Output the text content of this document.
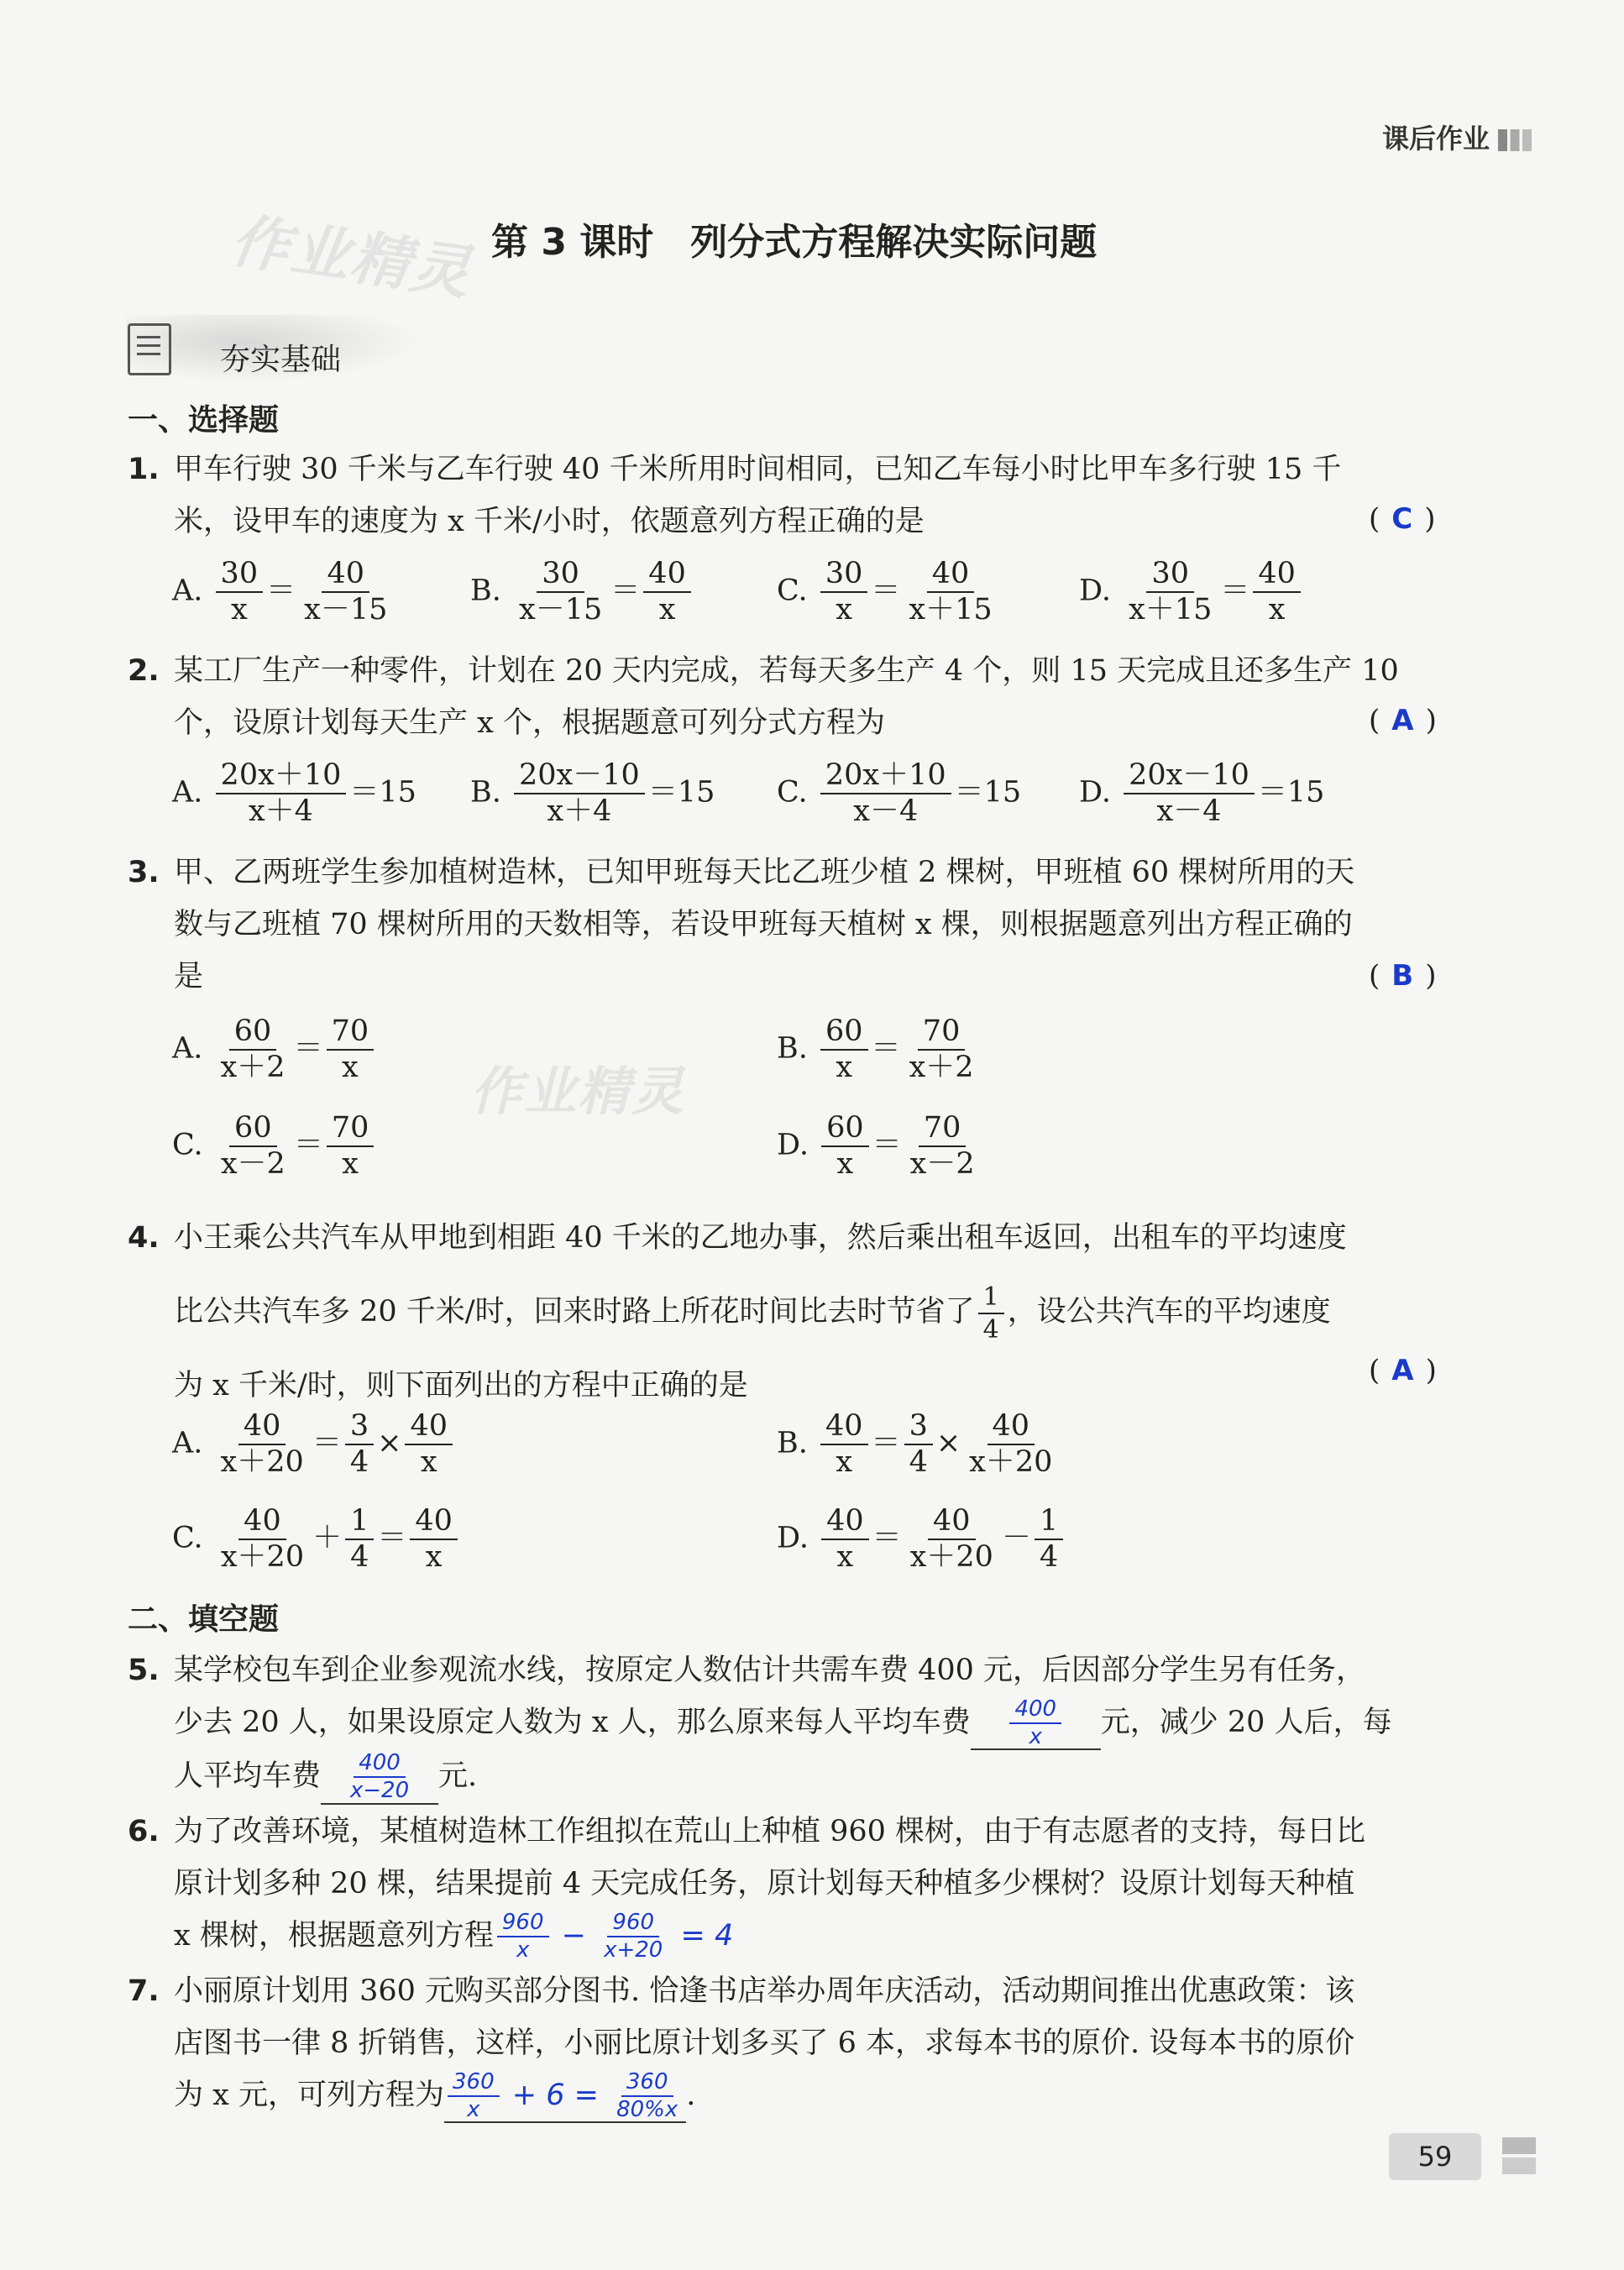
课后作业
作业精灵 第 3 课时　列分式方程解决实际问题
夯实基础
一、选择题
1. 甲车行驶 30 千米与乙车行驶 40 千米所用时间相同，已知乙车每小时比甲车多行驶 15 千
米，设甲车的速度为 x 千米/小时，依题意列方程正确的是	( C )
A. $\frac{30}{x} = \frac{40}{x-15}$	B. $\frac{30}{x-15} = \frac{40}{x}$	C. $\frac{30}{x} = \frac{40}{x+15}$	D. $\frac{30}{x+15} = \frac{40}{x}$
2. 某工厂生产一种零件，计划在 20 天内完成，若每天多生产 4 个，则 15 天完成且还多生产 10
个，设原计划每天生产 x 个，根据题意可列分式方程为	( A )
A. $\frac{20x+10}{x+4} =15$	B. $\frac{20x-10}{x+4} =15$	C. $\frac{20x+10}{x-4} =15$	D. $\frac{20x-10}{x-4} =15$
3. 甲、乙两班学生参加植树造林，已知甲班每天比乙班少植 2 棵树，甲班植 60 棵树所用的天
数与乙班植 70 棵树所用的天数相等，若设甲班每天植树 x 棵，则根据题意列出方程正确的
是	( B )
作业精灵
A. $\frac{60}{x+2} = \frac{70}{x}$	B. $\frac{60}{x} = \frac{70}{x+2}$
C. $\frac{60}{x-2} = \frac{70}{x}$	D. $\frac{60}{x} = \frac{70}{x-2}$
4. 小王乘公共汽车从甲地到相距 40 千米的乙地办事，然后乘出租车返回，出租车的平均速度
比公共汽车多 20 千米/时，回来时路上所花时间比去时节省了 $\frac{1}{4}$ ，设公共汽车的平均速度
为 x 千米/时，则下面列出的方程中正确的是	( A )
A. $\frac{40}{x+20} = \frac{3}{4} \times \frac{40}{x}$	B. $\frac{40}{x} = \frac{3}{4} \times \frac{40}{x+20}$
C. $\frac{40}{x+20} + \frac{1}{4} = \frac{40}{x}$	D. $\frac{40}{x} = \frac{40}{x+20} - \frac{1}{4}$
二、填空题
5. 某学校包车到企业参观流水线，按原定人数估计共需车费 400 元，后因部分学生另有任务，
少去 20 人，如果设原定人数为 x 人，那么原来每人平均车费 $\frac{400}{x}$ 元，减少 20 人后，每
人平均车费 $\frac{400}{x-20}$ 元.
6. 为了改善环境，某植树造林工作组拟在荒山上种植 960 棵树，由于有志愿者的支持，每日比
原计划多种 20 棵，结果提前 4 天完成任务，原计划每天种植多少棵树？设原计划每天种植
x 棵树，根据题意列方程 $\frac{960}{x} - \frac{960}{x+20} = 4$
7. 小丽原计划用 360 元购买部分图书. 恰逢书店举办周年庆活动，活动期间推出优惠政策：该
店图书一律 8 折销售，这样，小丽比原计划多买了 6 本，求每本书的原价. 设每本书的原价
为 x 元，可列方程为 $\frac{360}{x} + 6 = \frac{360}{80\%x}$ .
59
